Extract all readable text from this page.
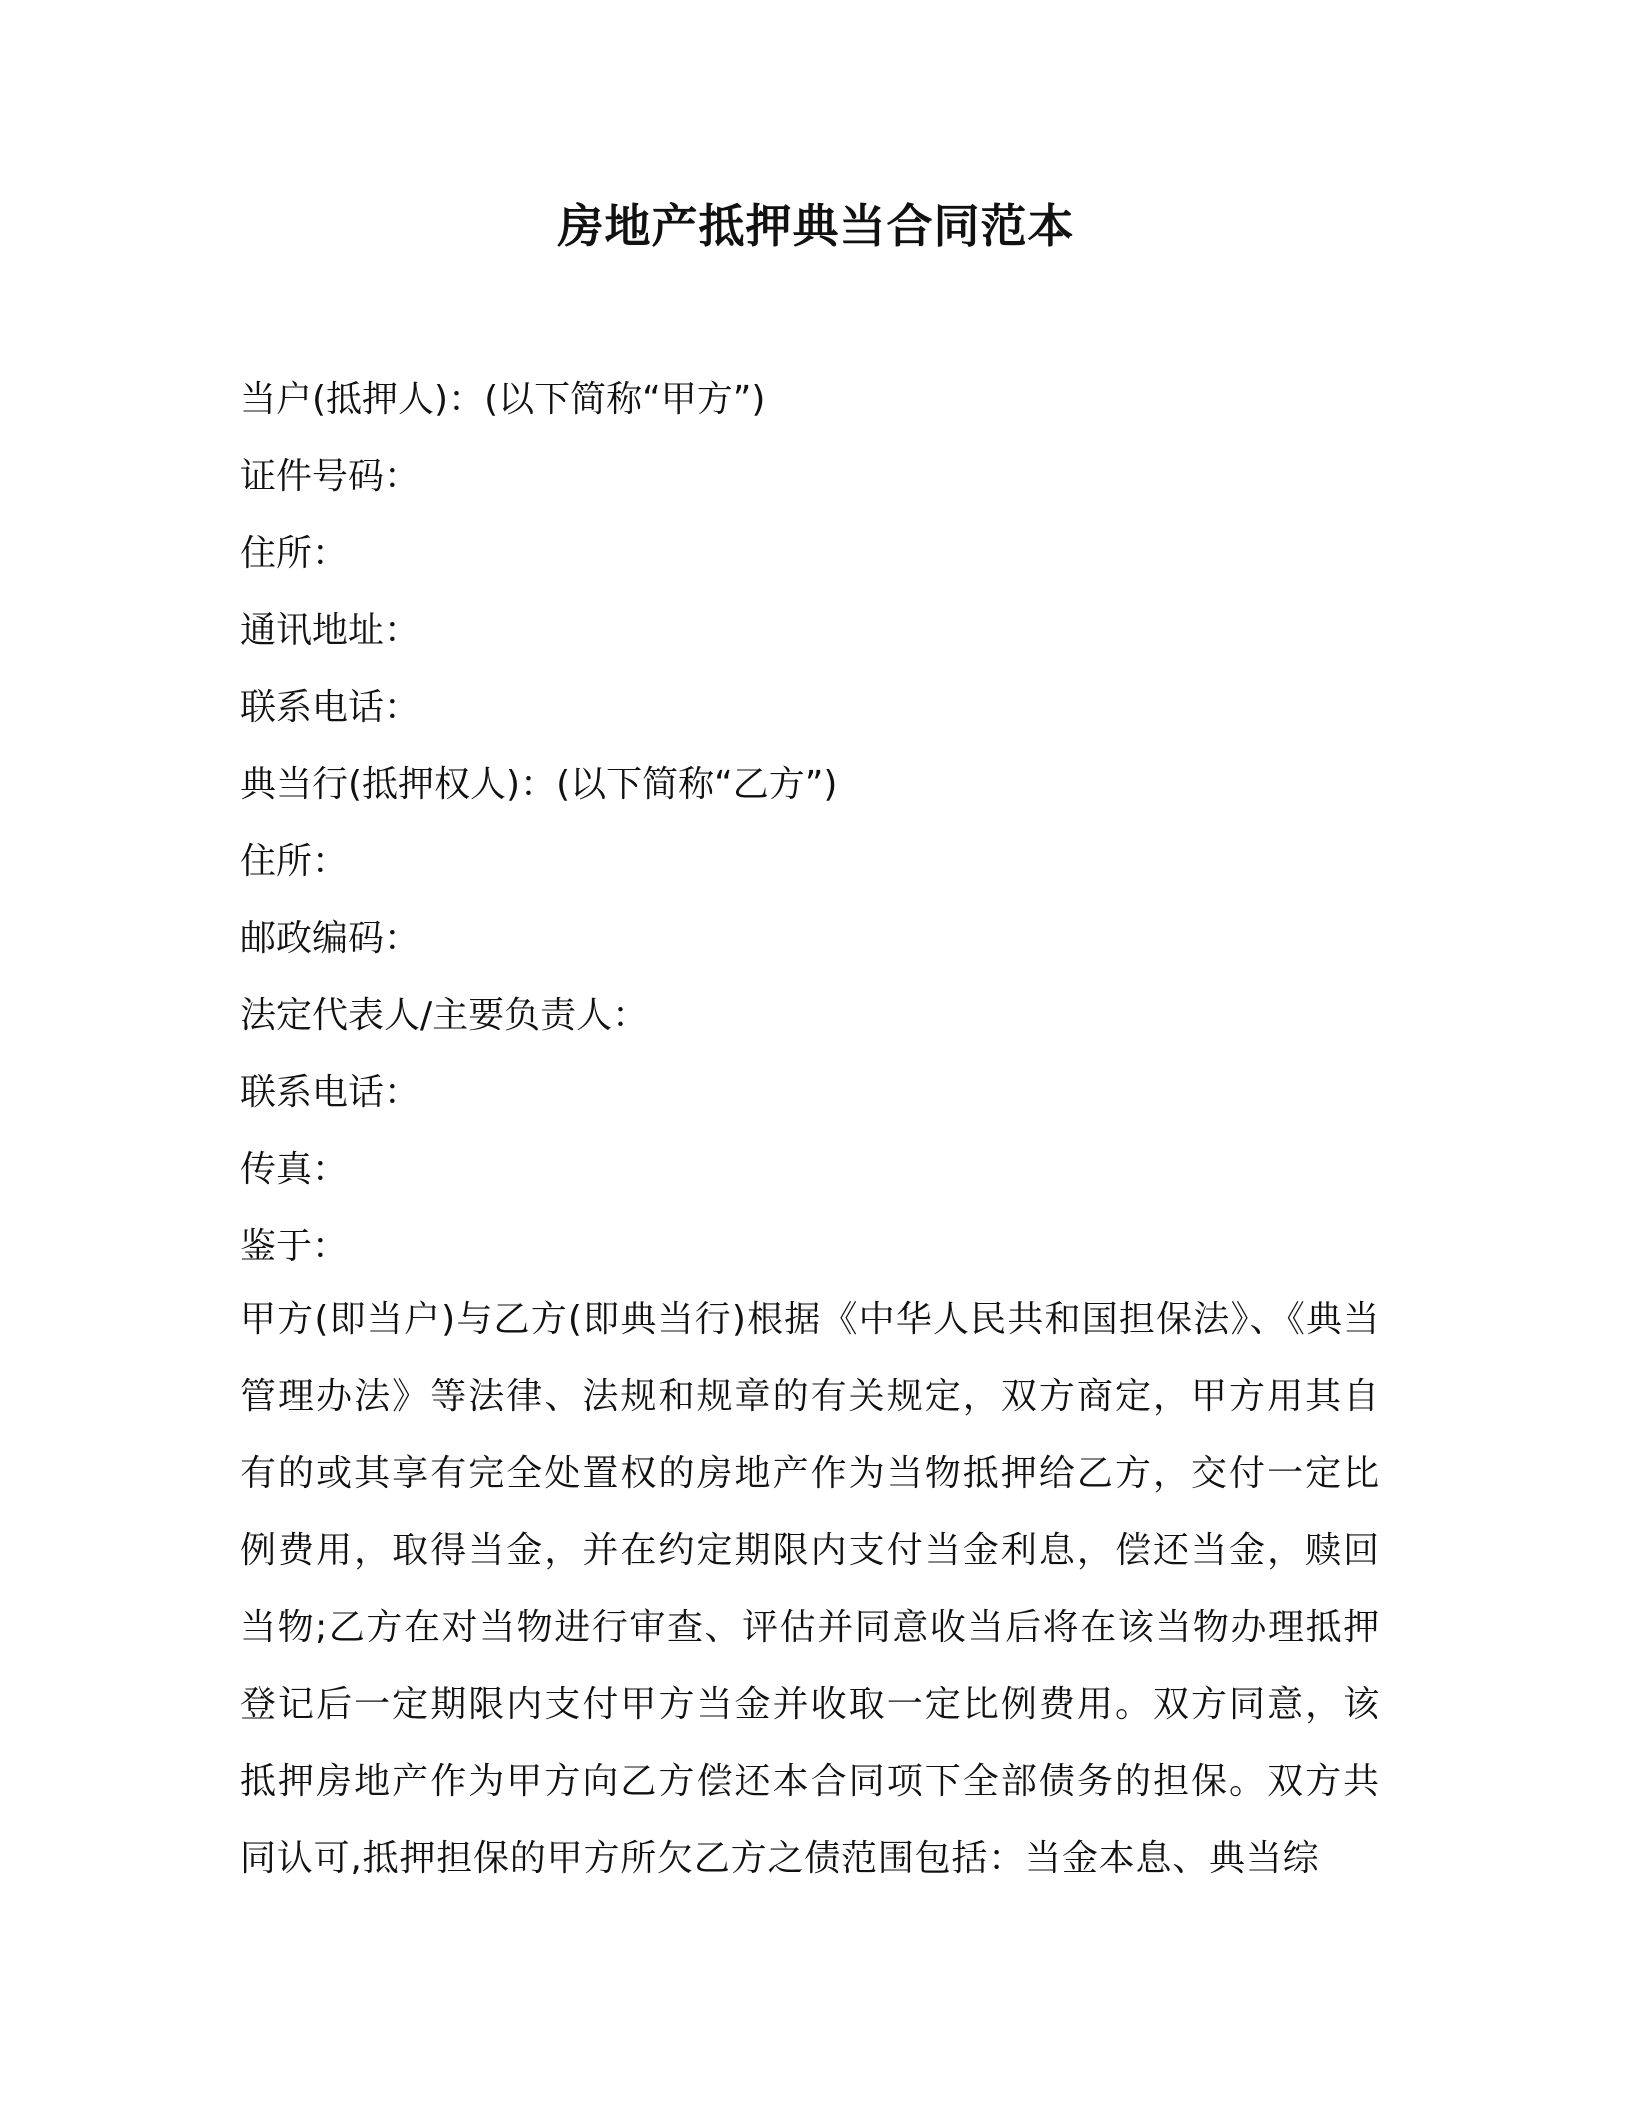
房地产抵押典当合同范本
当户(抵押人)：(以下简称“甲方”)
证件号码：
住所：
通讯地址：
联系电话：
典当行(抵押权人)：(以下简称“乙方”)
住所：
邮政编码：
法定代表人/主要负责人：
联系电话：
传真：
鉴于：

甲方(即当户)与乙方(即典当行)根据《中华人民共和国担保法》、《典当管理办法》等法律、法规和规章的有关规定，双方商定，甲方用其自有的或其享有完全处置权的房地产作为当物抵押给乙方，交付一定比例费用，取得当金，并在约定期限内支付当金利息，偿还当金，赎回当物;乙方在对当物进行审查、评估并同意收当后将在该当物办理抵押登记后一定期限内支付甲方当金并收取一定比例费用。双方同意，该抵押房地产作为甲方向乙方偿还本合同项下全部债务的担保。双方共同认可,抵押担保的甲方所欠乙方之债范围包括：当金本息、典当综
